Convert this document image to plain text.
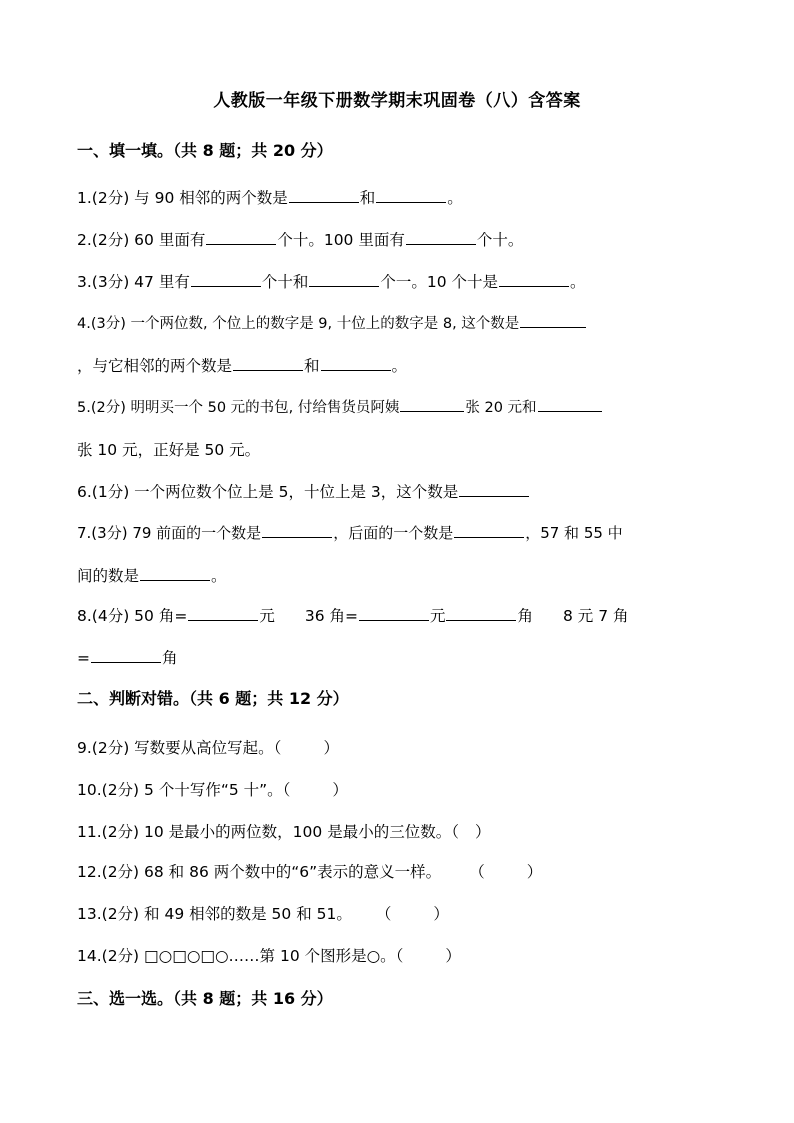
人教版一年级下册数学期末巩固卷（八）含答案
一、填一填。（共 8 题；共 20 分）
1.(2分) 与 90 相邻的两个数是	和	。
2.(2分) 60 里面有	个十。100 里面有	个十。
3.(3分) 47 里有	个十和	个一。10 个十是	。
4.(3分) 一个两位数, 个位上的数字是 9, 十位上的数字是 8, 这个数是
，与它相邻的两个数是	和	。
5.(2分) 明明买一个 50 元的书包, 付给售货员阿姨	张 20 元和
张 10 元，正好是 50 元。
6.(1分) 一个两位数个位上是 5，十位上是 3，这个数是
7.(3分) 79 前面的一个数是	，后面的一个数是	，57 和 55 中
间的数是	。
8.(4分) 50 角=	元 36 角=	元	角 8 元 7 角
=	角
二、判断对错。（共 6 题；共 12 分）
9.(2分) 写数要从高位写起。（	）
10.(2分) 5 个十写作“5 十”。（	）
11.(2分) 10 是最小的两位数，100 是最小的三位数。（ ）
12.(2分) 68 和 86 两个数中的“6”表示的意义一样。 （	）
13.(2分) 和 49 相邻的数是 50 和 51。 （	）
14.(2分) □○□○□○……第 10 个图形是○。（	）
三、选一选。（共 8 题；共 16 分）
